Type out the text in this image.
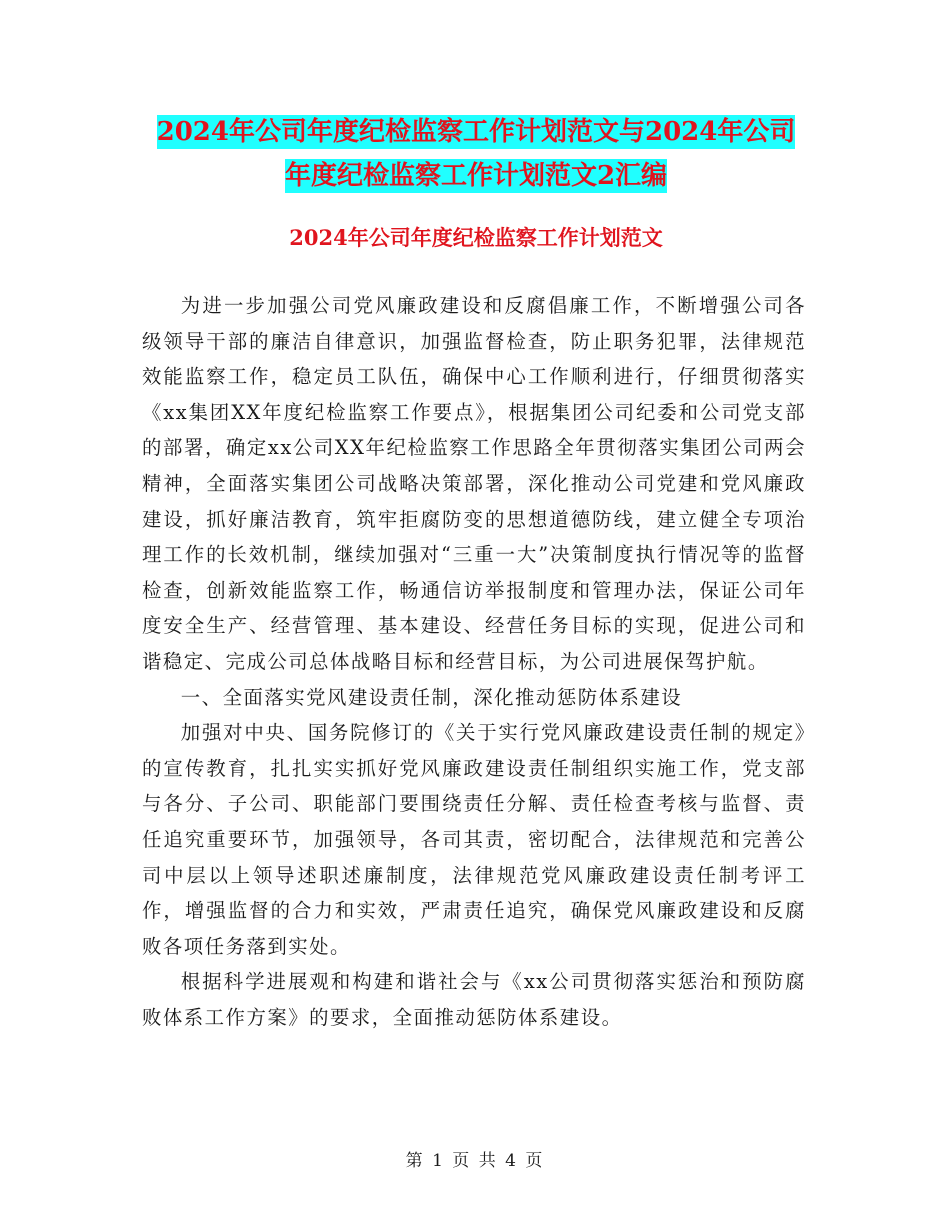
2024年公司年度纪检监察工作计划范文与2024年公司
年度纪检监察工作计划范文2汇编
2024年公司年度纪检监察工作计划范文

为进一步加强公司党风廉政建设和反腐倡廉工作，不断增强公司各级领导干部的廉洁自律意识，加强监督检查，防止职务犯罪，法律规范效能监察工作，稳定员工队伍，确保中心工作顺利进行，仔细贯彻落实《xx集团XX年度纪检监察工作要点》，根据集团公司纪委和公司党支部的部署，确定xx公司XX年纪检监察工作思路全年贯彻落实集团公司两会精神，全面落实集团公司战略决策部署，深化推动公司党建和党风廉政建设，抓好廉洁教育，筑牢拒腐防变的思想道德防线，建立健全专项治理工作的长效机制，继续加强对“三重一大”决策制度执行情况等的监督检查，创新效能监察工作，畅通信访举报制度和管理办法，保证公司年度安全生产、经营管理、基本建设、经营任务目标的实现，促进公司和谐稳定、完成公司总体战略目标和经营目标，为公司进展保驾护航。

一、全面落实党风建设责任制，深化推动惩防体系建设

加强对中央、国务院修订的《关于实行党风廉政建设责任制的规定》的宣传教育，扎扎实实抓好党风廉政建设责任制组织实施工作，党支部与各分、子公司、职能部门要围绕责任分解、责任检查考核与监督、责任追究重要环节，加强领导，各司其责，密切配合，法律规范和完善公司中层以上领导述职述廉制度，法律规范党风廉政建设责任制考评工作，增强监督的合力和实效，严肃责任追究，确保党风廉政建设和反腐败各项任务落到实处。

根据科学进展观和构建和谐社会与《xx公司贯彻落实惩治和预防腐败体系工作方案》的要求，全面推动惩防体系建设。

第 1 页 共 4 页
